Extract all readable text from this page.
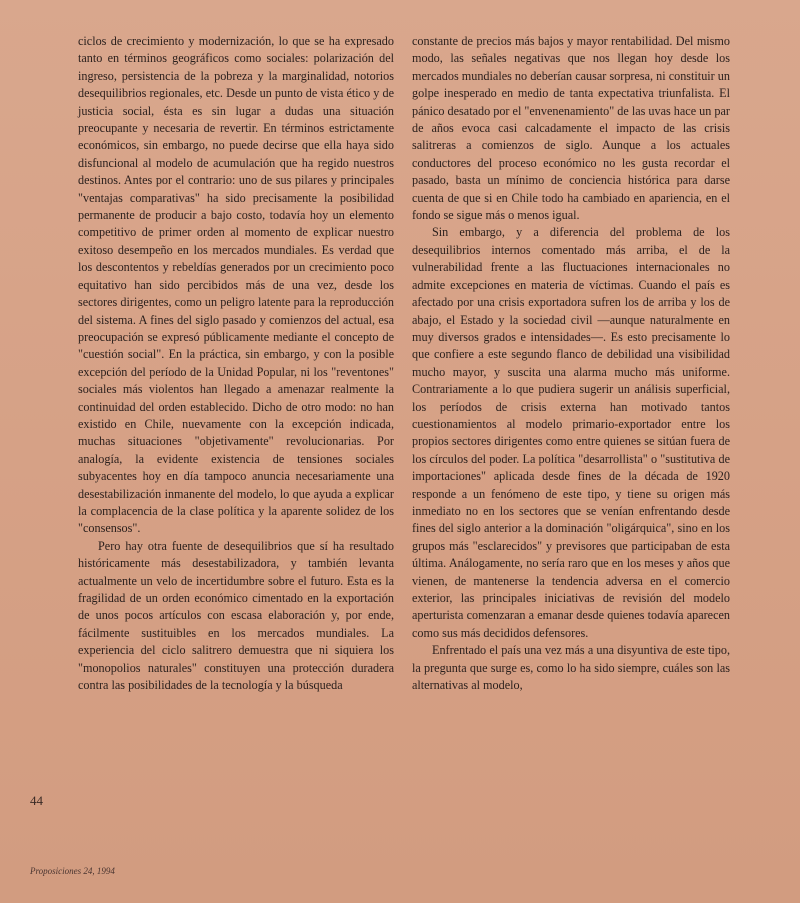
ciclos de crecimiento y modernización, lo que se ha expresado tanto en términos geográficos como sociales: polarización del ingreso, persistencia de la pobreza y la marginalidad, notorios desequilibrios regionales, etc. Desde un punto de vista ético y de justicia social, ésta es sin lugar a dudas una situación preocupante y necesaria de revertir. En términos estrictamente económicos, sin embargo, no puede decirse que ella haya sido disfuncional al modelo de acumulación que ha regido nuestros destinos. Antes por el contrario: uno de sus pilares y principales "ventajas comparativas" ha sido precisamente la posibilidad permanente de producir a bajo costo, todavía hoy un elemento competitivo de primer orden al momento de explicar nuestro exitoso desempeño en los mercados mundiales. Es verdad que los descontentos y rebeldías generados por un crecimiento poco equitativo han sido percibidos más de una vez, desde los sectores dirigentes, como un peligro latente para la reproducción del sistema. A fines del siglo pasado y comienzos del actual, esa preocupación se expresó públicamente mediante el concepto de "cuestión social". En la práctica, sin embargo, y con la posible excepción del período de la Unidad Popular, ni los "reventones" sociales más violentos han llegado a amenazar realmente la continuidad del orden establecido. Dicho de otro modo: no han existido en Chile, nuevamente con la excepción indicada, muchas situaciones "objetivamente" revolucionarias. Por analogía, la evidente existencia de tensiones sociales subyacentes hoy en día tampoco anuncia necesariamente una desestabilización inmanente del modelo, lo que ayuda a explicar la complacencia de la clase política y la aparente solidez de los "consensos".

Pero hay otra fuente de desequilibrios que sí ha resultado históricamente más desestabilizadora, y también levanta actualmente un velo de incertidumbre sobre el futuro. Esta es la fragilidad de un orden económico cimentado en la exportación de unos pocos artículos con escasa elaboración y, por ende, fácilmente sustituibles en los mercados mundiales. La experiencia del ciclo salitrero demuestra que ni siquiera los "monopolios naturales" constituyen una protección duradera contra las posibilidades de la tecnología y la búsqueda

constante de precios más bajos y mayor rentabilidad. Del mismo modo, las señales negativas que nos llegan hoy desde los mercados mundiales no deberían causar sorpresa, ni constituir un golpe inesperado en medio de tanta expectativa triunfalista. El pánico desatado por el "envenenamiento" de las uvas hace un par de años evoca casi calcadamente el impacto de las crisis salitreras a comienzos de siglo. Aunque a los actuales conductores del proceso económico no les gusta recordar el pasado, basta un mínimo de conciencia histórica para darse cuenta de que si en Chile todo ha cambiado en apariencia, en el fondo se sigue más o menos igual.

Sin embargo, y a diferencia del problema de los desequilibrios internos comentado más arriba, el de la vulnerabilidad frente a las fluctuaciones internacionales no admite excepciones en materia de víctimas. Cuando el país es afectado por una crisis exportadora sufren los de arriba y los de abajo, el Estado y la sociedad civil —aunque naturalmente en muy diversos grados e intensidades—. Es esto precisamente lo que confiere a este segundo flanco de debilidad una visibilidad mucho mayor, y suscita una alarma mucho más uniforme. Contrariamente a lo que pudiera sugerir un análisis superficial, los períodos de crisis externa han motivado tantos cuestionamientos al modelo primario-exportador entre los propios sectores dirigentes como entre quienes se sitúan fuera de los círculos del poder. La política "desarrollista" o "sustitutiva de importaciones" aplicada desde fines de la década de 1920 responde a un fenómeno de este tipo, y tiene su origen más inmediato no en los sectores que se venían enfrentando desde fines del siglo anterior a la dominación "oligárquica", sino en los grupos más "esclarecidos" y previsores que participaban de esta última. Análogamente, no sería raro que en los meses y años que vienen, de mantenerse la tendencia adversa en el comercio exterior, las principales iniciativas de revisión del modelo aperturista comenzaran a emanar desde quienes todavía aparecen como sus más decididos defensores.

Enfrentado el país una vez más a una disyuntiva de este tipo, la pregunta que surge es, como lo ha sido siempre, cuáles son las alternativas al modelo,

44
Proposiciones 24, 1994
